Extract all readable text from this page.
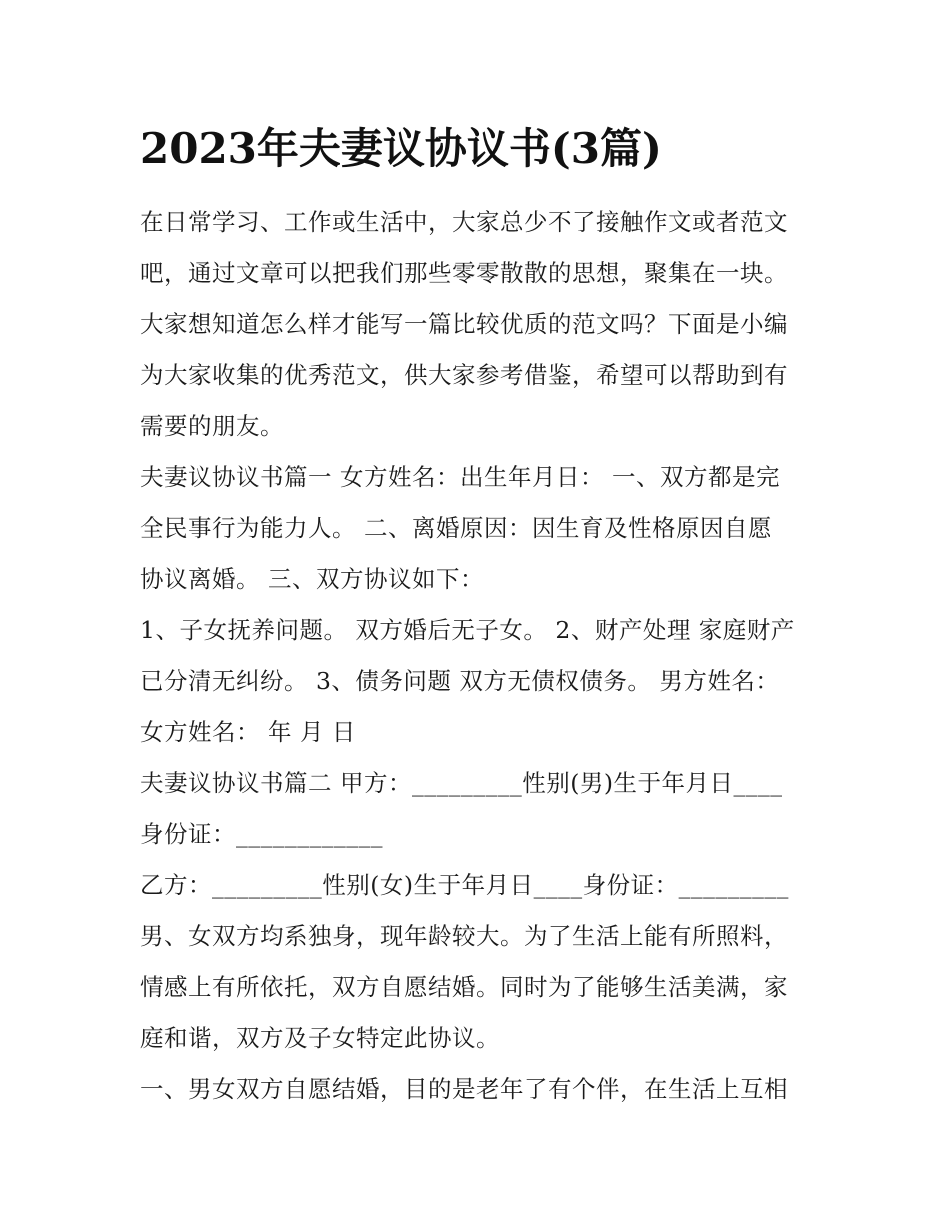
2023年夫妻议协议书(3篇)

在日常学习、工作或生活中，大家总少不了接触作文或者范文

吧，通过文章可以把我们那些零零散散的思想，聚集在一块。

大家想知道怎么样才能写一篇比较优质的范文吗？下面是小编

为大家收集的优秀范文，供大家参考借鉴，希望可以帮助到有

需要的朋友。

夫妻议协议书篇一 女方姓名：出生年月日： 一、双方都是完

全民事行为能力人。 二、离婚原因：因生育及性格原因自愿

协议离婚。 三、双方协议如下：

1、子女抚养问题。 双方婚后无子女。 2、财产处理 家庭财产

已分清无纠纷。 3、债务问题 双方无债权债务。 男方姓名：

女方姓名： 年 月 日

夫妻议协议书篇二 甲方：_________性别(男)生于年月日____

身份证：____________

乙方：_________性别(女)生于年月日____身份证：_________

男、女双方均系独身，现年龄较大。为了生活上能有所照料，

情感上有所依托，双方自愿结婚。同时为了能够生活美满，家

庭和谐，双方及子女特定此协议。

一、男女双方自愿结婚，目的是老年了有个伴，在生活上互相
